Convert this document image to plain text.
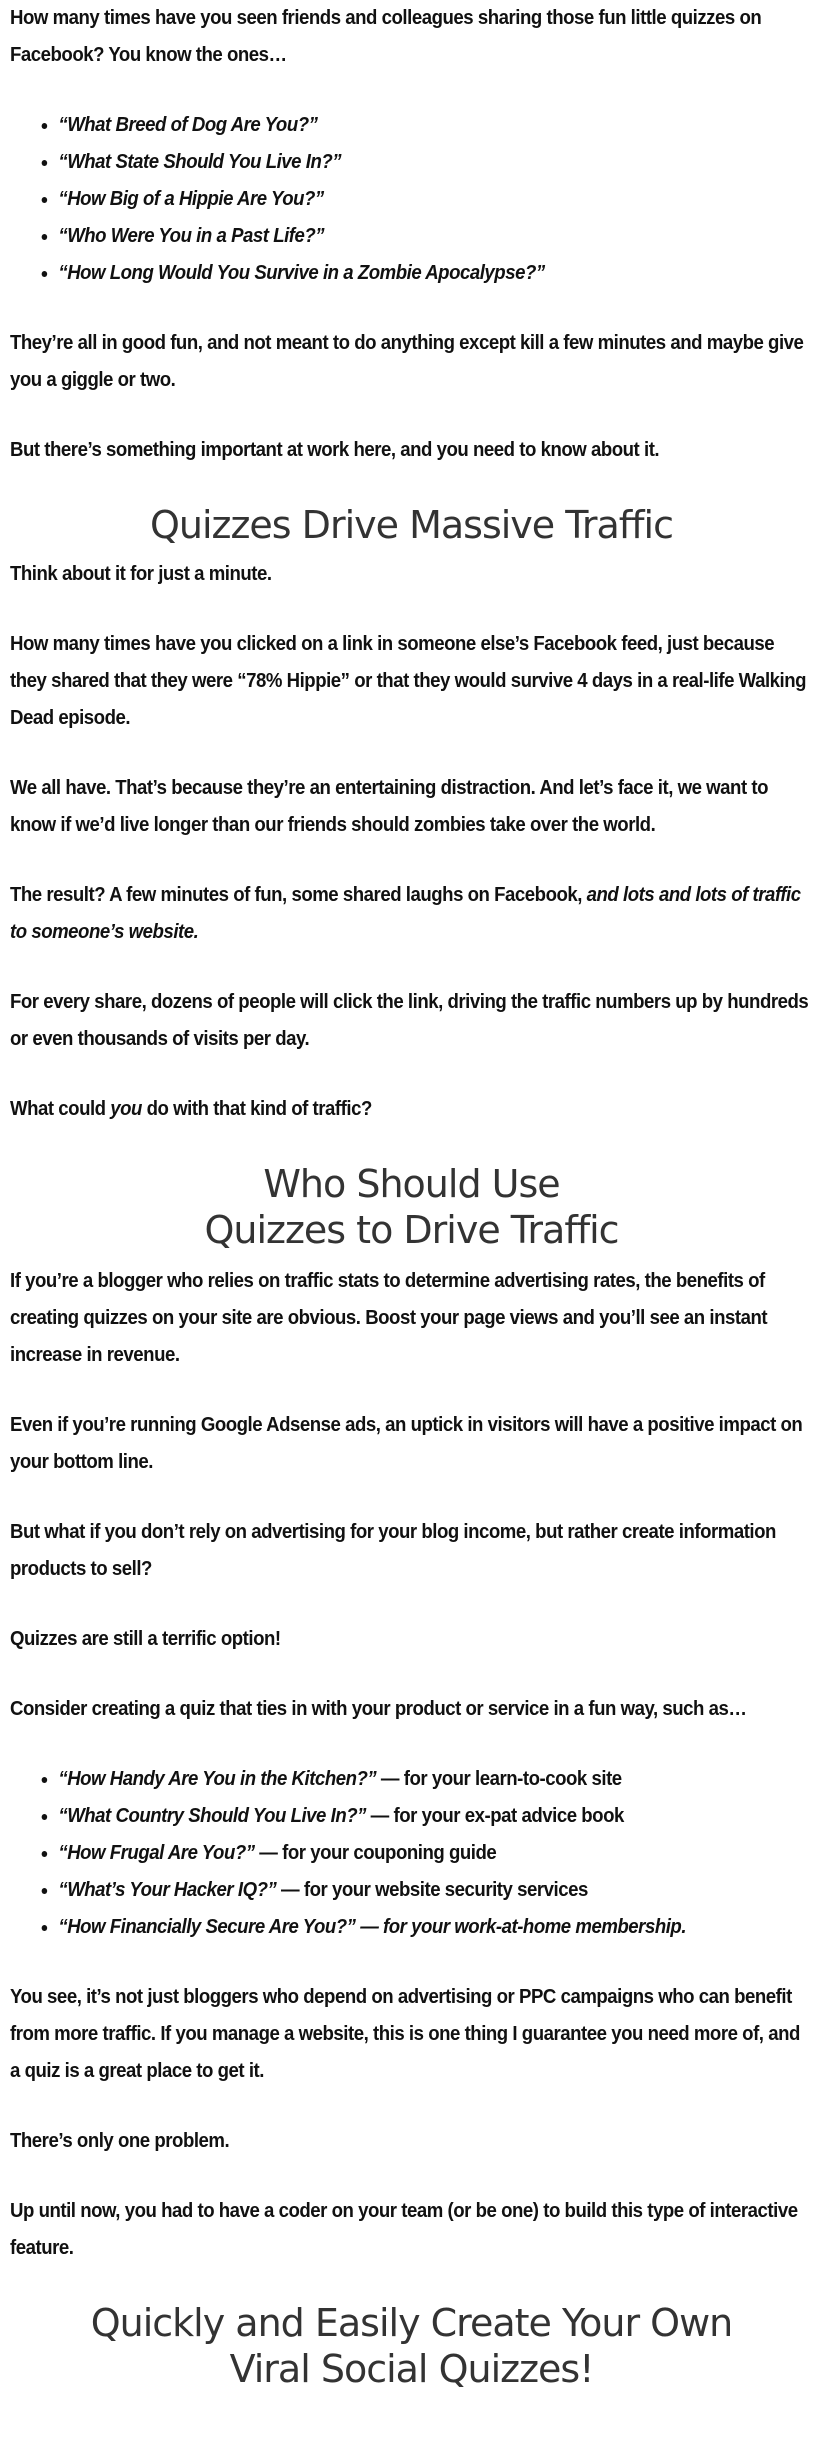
How many times have you seen friends and colleagues sharing those fun little quizzes on Facebook? You know the ones…

• “What Breed of Dog Are You?”
• “What State Should You Live In?”
• “How Big of a Hippie Are You?”
• “Who Were You in a Past Life?”
• “How Long Would You Survive in a Zombie Apocalypse?”

They’re all in good fun, and not meant to do anything except kill a few minutes and maybe give you a giggle or two.

But there’s something important at work here, and you need to know about it.

Quizzes Drive Massive Traffic

Think about it for just a minute.

How many times have you clicked on a link in someone else’s Facebook feed, just because they shared that they were “78% Hippie” or that they would survive 4 days in a real-life Walking Dead episode.

We all have. That’s because they’re an entertaining distraction. And let’s face it, we want to know if we’d live longer than our friends should zombies take over the world.

The result? A few minutes of fun, some shared laughs on Facebook, and lots and lots of traffic to someone’s website.

For every share, dozens of people will click the link, driving the traffic numbers up by hundreds or even thousands of visits per day.

What could you do with that kind of traffic?

Who Should Use
Quizzes to Drive Traffic

If you’re a blogger who relies on traffic stats to determine advertising rates, the benefits of creating quizzes on your site are obvious. Boost your page views and you’ll see an instant increase in revenue.

Even if you’re running Google Adsense ads, an uptick in visitors will have a positive impact on your bottom line.

But what if you don’t rely on advertising for your blog income, but rather create information products to sell?

Quizzes are still a terrific option!

Consider creating a quiz that ties in with your product or service in a fun way, such as…

• “How Handy Are You in the Kitchen?” — for your learn-to-cook site
• “What Country Should You Live In?” — for your ex-pat advice book
• “How Frugal Are You?” — for your couponing guide
• “What’s Your Hacker IQ?” — for your website security services
• “How Financially Secure Are You?” — for your work-at-home membership.

You see, it’s not just bloggers who depend on advertising or PPC campaigns who can benefit from more traffic. If you manage a website, this is one thing I guarantee you need more of, and a quiz is a great place to get it.

There’s only one problem.

Up until now, you had to have a coder on your team (or be one) to build this type of interactive feature.

Quickly and Easily Create Your Own
Viral Social Quizzes!
